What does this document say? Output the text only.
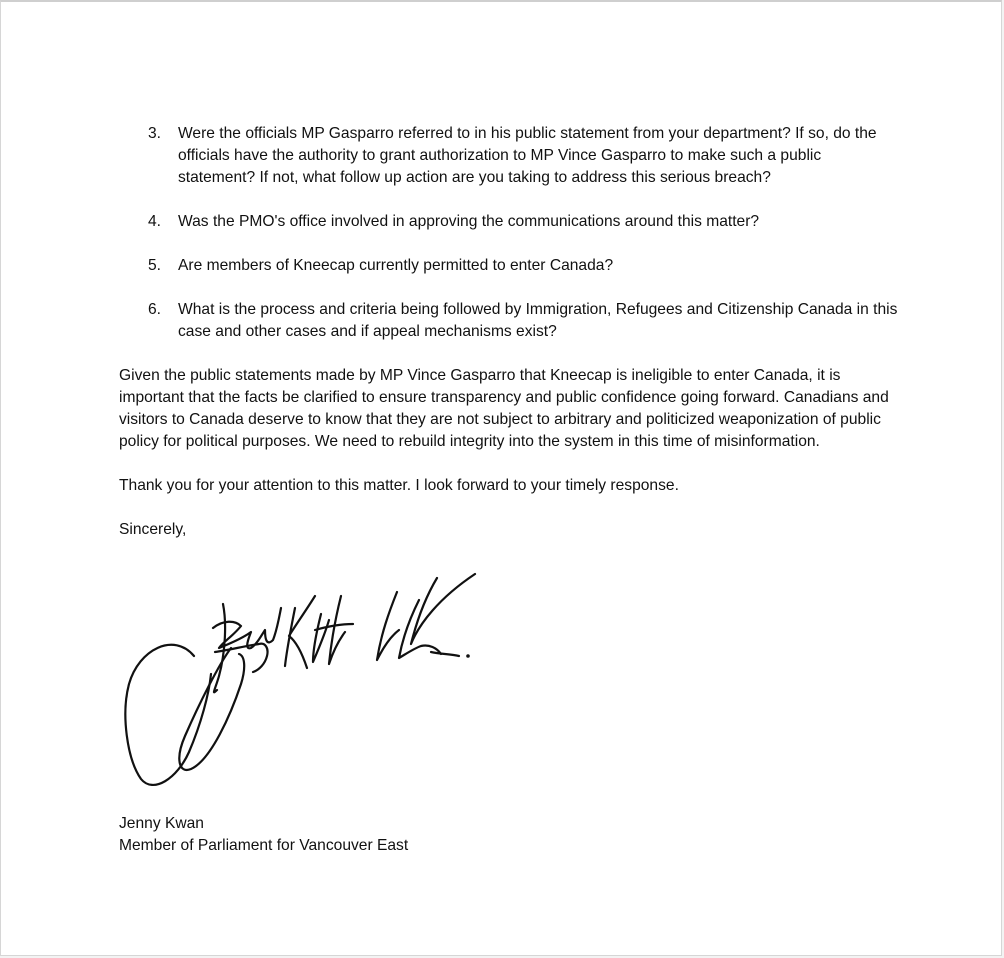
3. Were the officials MP Gasparro referred to in his public statement from your department? If so, do the officials have the authority to grant authorization to MP Vince Gasparro to make such a public statement? If not, what follow up action are you taking to address this serious breach?
4. Was the PMO's office involved in approving the communications around this matter?
5. Are members of Kneecap currently permitted to enter Canada?
6. What is the process and criteria being followed by Immigration, Refugees and Citizenship Canada in this case and other cases and if appeal mechanisms exist?

Given the public statements made by MP Vince Gasparro that Kneecap is ineligible to enter Canada, it is important that the facts be clarified to ensure transparency and public confidence going forward. Canadians and visitors to Canada deserve to know that they are not subject to arbitrary and politicized weaponization of public policy for political purposes. We need to rebuild integrity into the system in this time of misinformation.

Thank you for your attention to this matter. I look forward to your timely response.

Sincerely,

Jenny Kwan
Member of Parliament for Vancouver East
